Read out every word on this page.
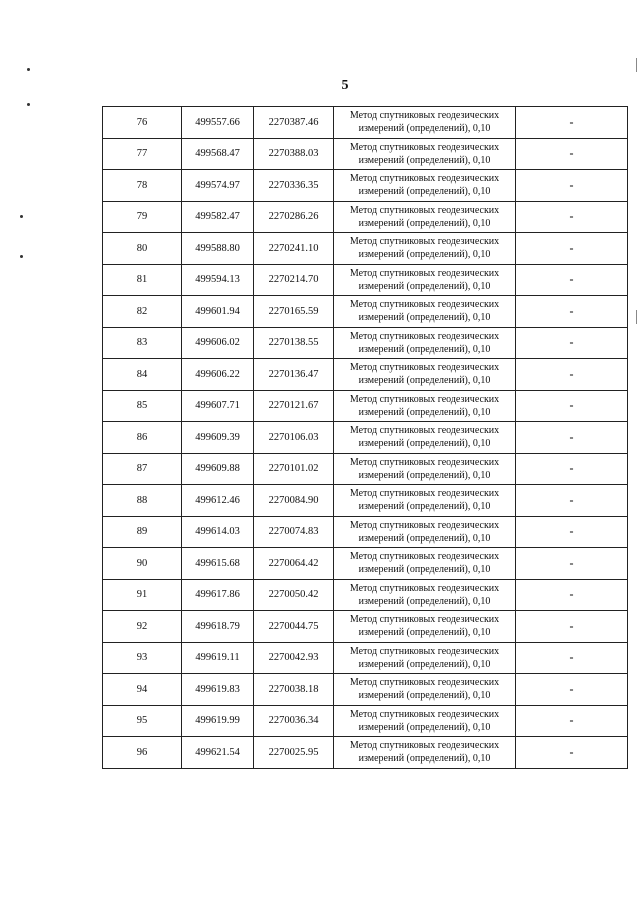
5
76	499557.66	2270387.46	Метод спутниковых геодезических
измерений (определений), 0,10	-
77	499568.47	2270388.03	Метод спутниковых геодезических
измерений (определений), 0,10	-
78	499574.97	2270336.35	Метод спутниковых геодезических
измерений (определений), 0,10	-
79	499582.47	2270286.26	Метод спутниковых геодезических
измерений (определений), 0,10	-
80	499588.80	2270241.10	Метод спутниковых геодезических
измерений (определений), 0,10	-
81	499594.13	2270214.70	Метод спутниковых геодезических
измерений (определений), 0,10	-
82	499601.94	2270165.59	Метод спутниковых геодезических
измерений (определений), 0,10	-
83	499606.02	2270138.55	Метод спутниковых геодезических
измерений (определений), 0,10	-
84	499606.22	2270136.47	Метод спутниковых геодезических
измерений (определений), 0,10	-
85	499607.71	2270121.67	Метод спутниковых геодезических
измерений (определений), 0,10	-
86	499609.39	2270106.03	Метод спутниковых геодезических
измерений (определений), 0,10	-
87	499609.88	2270101.02	Метод спутниковых геодезических
измерений (определений), 0,10	-
88	499612.46	2270084.90	Метод спутниковых геодезических
измерений (определений), 0,10	-
89	499614.03	2270074.83	Метод спутниковых геодезических
измерений (определений), 0,10	-
90	499615.68	2270064.42	Метод спутниковых геодезических
измерений (определений), 0,10	-
91	499617.86	2270050.42	Метод спутниковых геодезических
измерений (определений), 0,10	-
92	499618.79	2270044.75	Метод спутниковых геодезических
измерений (определений), 0,10	-
93	499619.11	2270042.93	Метод спутниковых геодезических
измерений (определений), 0,10	-
94	499619.83	2270038.18	Метод спутниковых геодезических
измерений (определений), 0,10	-
95	499619.99	2270036.34	Метод спутниковых геодезических
измерений (определений), 0,10	-
96	499621.54	2270025.95	Метод спутниковых геодезических
измерений (определений), 0,10	-
